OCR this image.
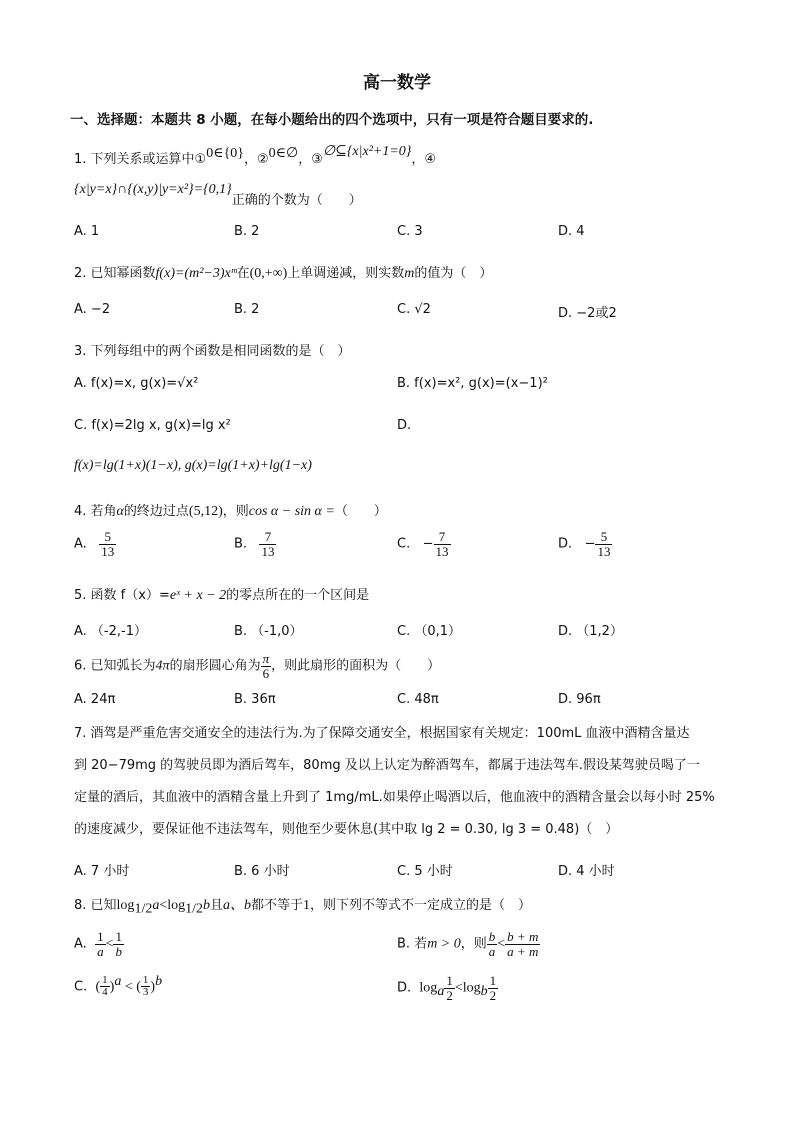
高一数学
一、选择题：本题共 8 小题，在每小题给出的四个选项中，只有一项是符合题目要求的.
1. 下列关系或运算中①0∈{0}，②0∈∅，③∅⊆{x|x²+1=0}，④
{x|y=x}∩{(x,y)|y=x²}={0,1}正确的个数为（　　）
A. 1	B. 2	C. 3	D. 4
2. 已知幂函数f(x)=(m²−3)xᵐ在(0,+∞)上单调递减，则实数m的值为（　）
A. −2	B. 2	C. √2	D. −2或2
3. 下列每组中的两个函数是相同函数的是（　）
A. f(x)=x, g(x)=√x²	B. f(x)=x², g(x)=(x−1)²
C. f(x)=2lg x, g(x)=lg x²	D.
f(x)=lg(1+x)(1−x), g(x)=lg(1+x)+lg(1−x)
4. 若角α的终边过点(5,12)，则cos α − sin α =（　　）
A. $\frac{5}{13}$	B. $\frac{7}{13}$	C. − $\frac{7}{13}$	D. − $\frac{5}{13}$
5. 函数 f（x）=eˣ + x − 2的零点所在的一个区间是
A. （-2,-1）	B. （-1,0）	C. （0,1）	D. （1,2）
6. 已知弧长为4π的扇形圆心角为 $\frac{\pi}{6}$ ，则此扇形的面积为（　　）
A. 24π	B. 36π	C. 48π	D. 96π
7. 酒驾是严重危害交通安全的违法行为.为了保障交通安全，根据国家有关规定：100mL 血液中酒精含量达
到 20−79mg 的驾驶员即为酒后驾车，80mg 及以上认定为醉酒驾车，都属于违法驾车.假设某驾驶员喝了一
定量的酒后，其血液中的酒精含量上升到了 1mg/mL.如果停止喝酒以后，他血液中的酒精含量会以每小时 25%
的速度减少，要保证他不违法驾车，则他至少要休息(其中取 lg 2 = 0.30, lg 3 = 0.48)（　）
A. 7 小时	B. 6 小时	C. 5 小时	D. 4 小时
8. 已知$\log_{1/2}a<\log_{1/2}b$且a、b都不等于1，则下列不等式不一定成立的是（　）
A. $\frac{1}{a} < \frac{1}{b}$	B. 若m > 0，则 $\frac{b}{a} < \frac{b + m}{a + m}$
C. ( $\frac{1}{4} )^a$ < ( $\frac{1}{3} )^b$	D. $\log_a \frac{1}{2} <\log_b \frac{1}{2}$
